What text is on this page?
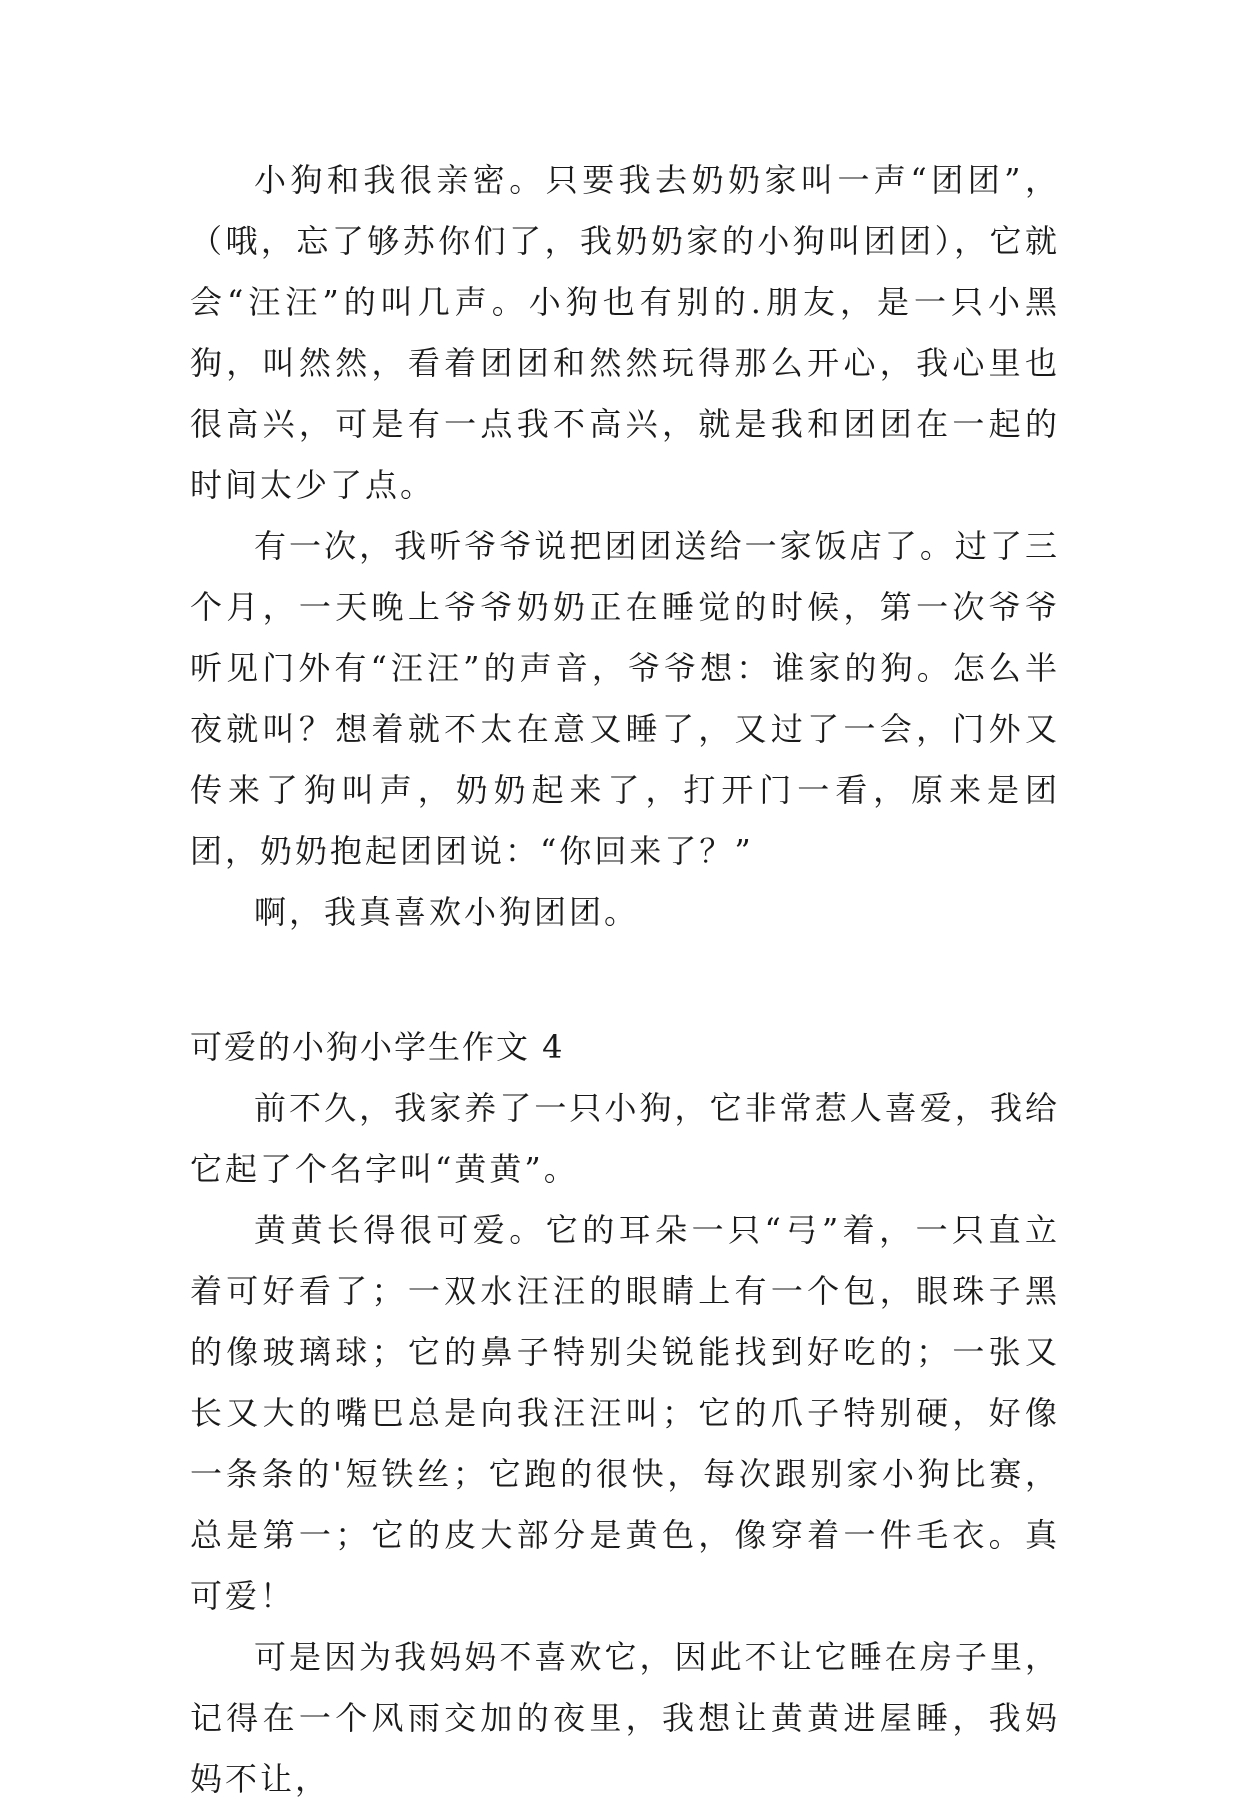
小狗和我很亲密。只要我去奶奶家叫一声“团团”，（哦，忘了够苏你们了，我奶奶家的小狗叫团团），它就会“汪汪”的叫几声。小狗也有别的.朋友，是一只小黑狗，叫然然，看着团团和然然玩得那么开心，我心里也很高兴，可是有一点我不高兴，就是我和团团在一起的时间太少了点。

有一次，我听爷爷说把团团送给一家饭店了。过了三个月，一天晚上爷爷奶奶正在睡觉的时候，第一次爷爷听见门外有“汪汪”的声音，爷爷想：谁家的狗。怎么半夜就叫？想着就不太在意又睡了，又过了一会，门外又传来了狗叫声，奶奶起来了，打开门一看，原来是团团，奶奶抱起团团说：“你回来了？”

啊，我真喜欢小狗团团。

可爱的小狗小学生作文 4

前不久，我家养了一只小狗，它非常惹人喜爱，我给它起了个名字叫“黄黄”。

黄黄长得很可爱。它的耳朵一只“弓”着，一只直立着可好看了；一双水汪汪的眼睛上有一个包，眼珠子黑的像玻璃球；它的鼻子特别尖锐能找到好吃的；一张又长又大的嘴巴总是向我汪汪叫；它的爪子特别硬，好像一条条的'短铁丝；它跑的很快，每次跟别家小狗比赛，总是第一；它的皮大部分是黄色，像穿着一件毛衣。真可爱！

可是因为我妈妈不喜欢它，因此不让它睡在房子里，记得在一个风雨交加的夜里，我想让黄黄进屋睡，我妈妈不让，
